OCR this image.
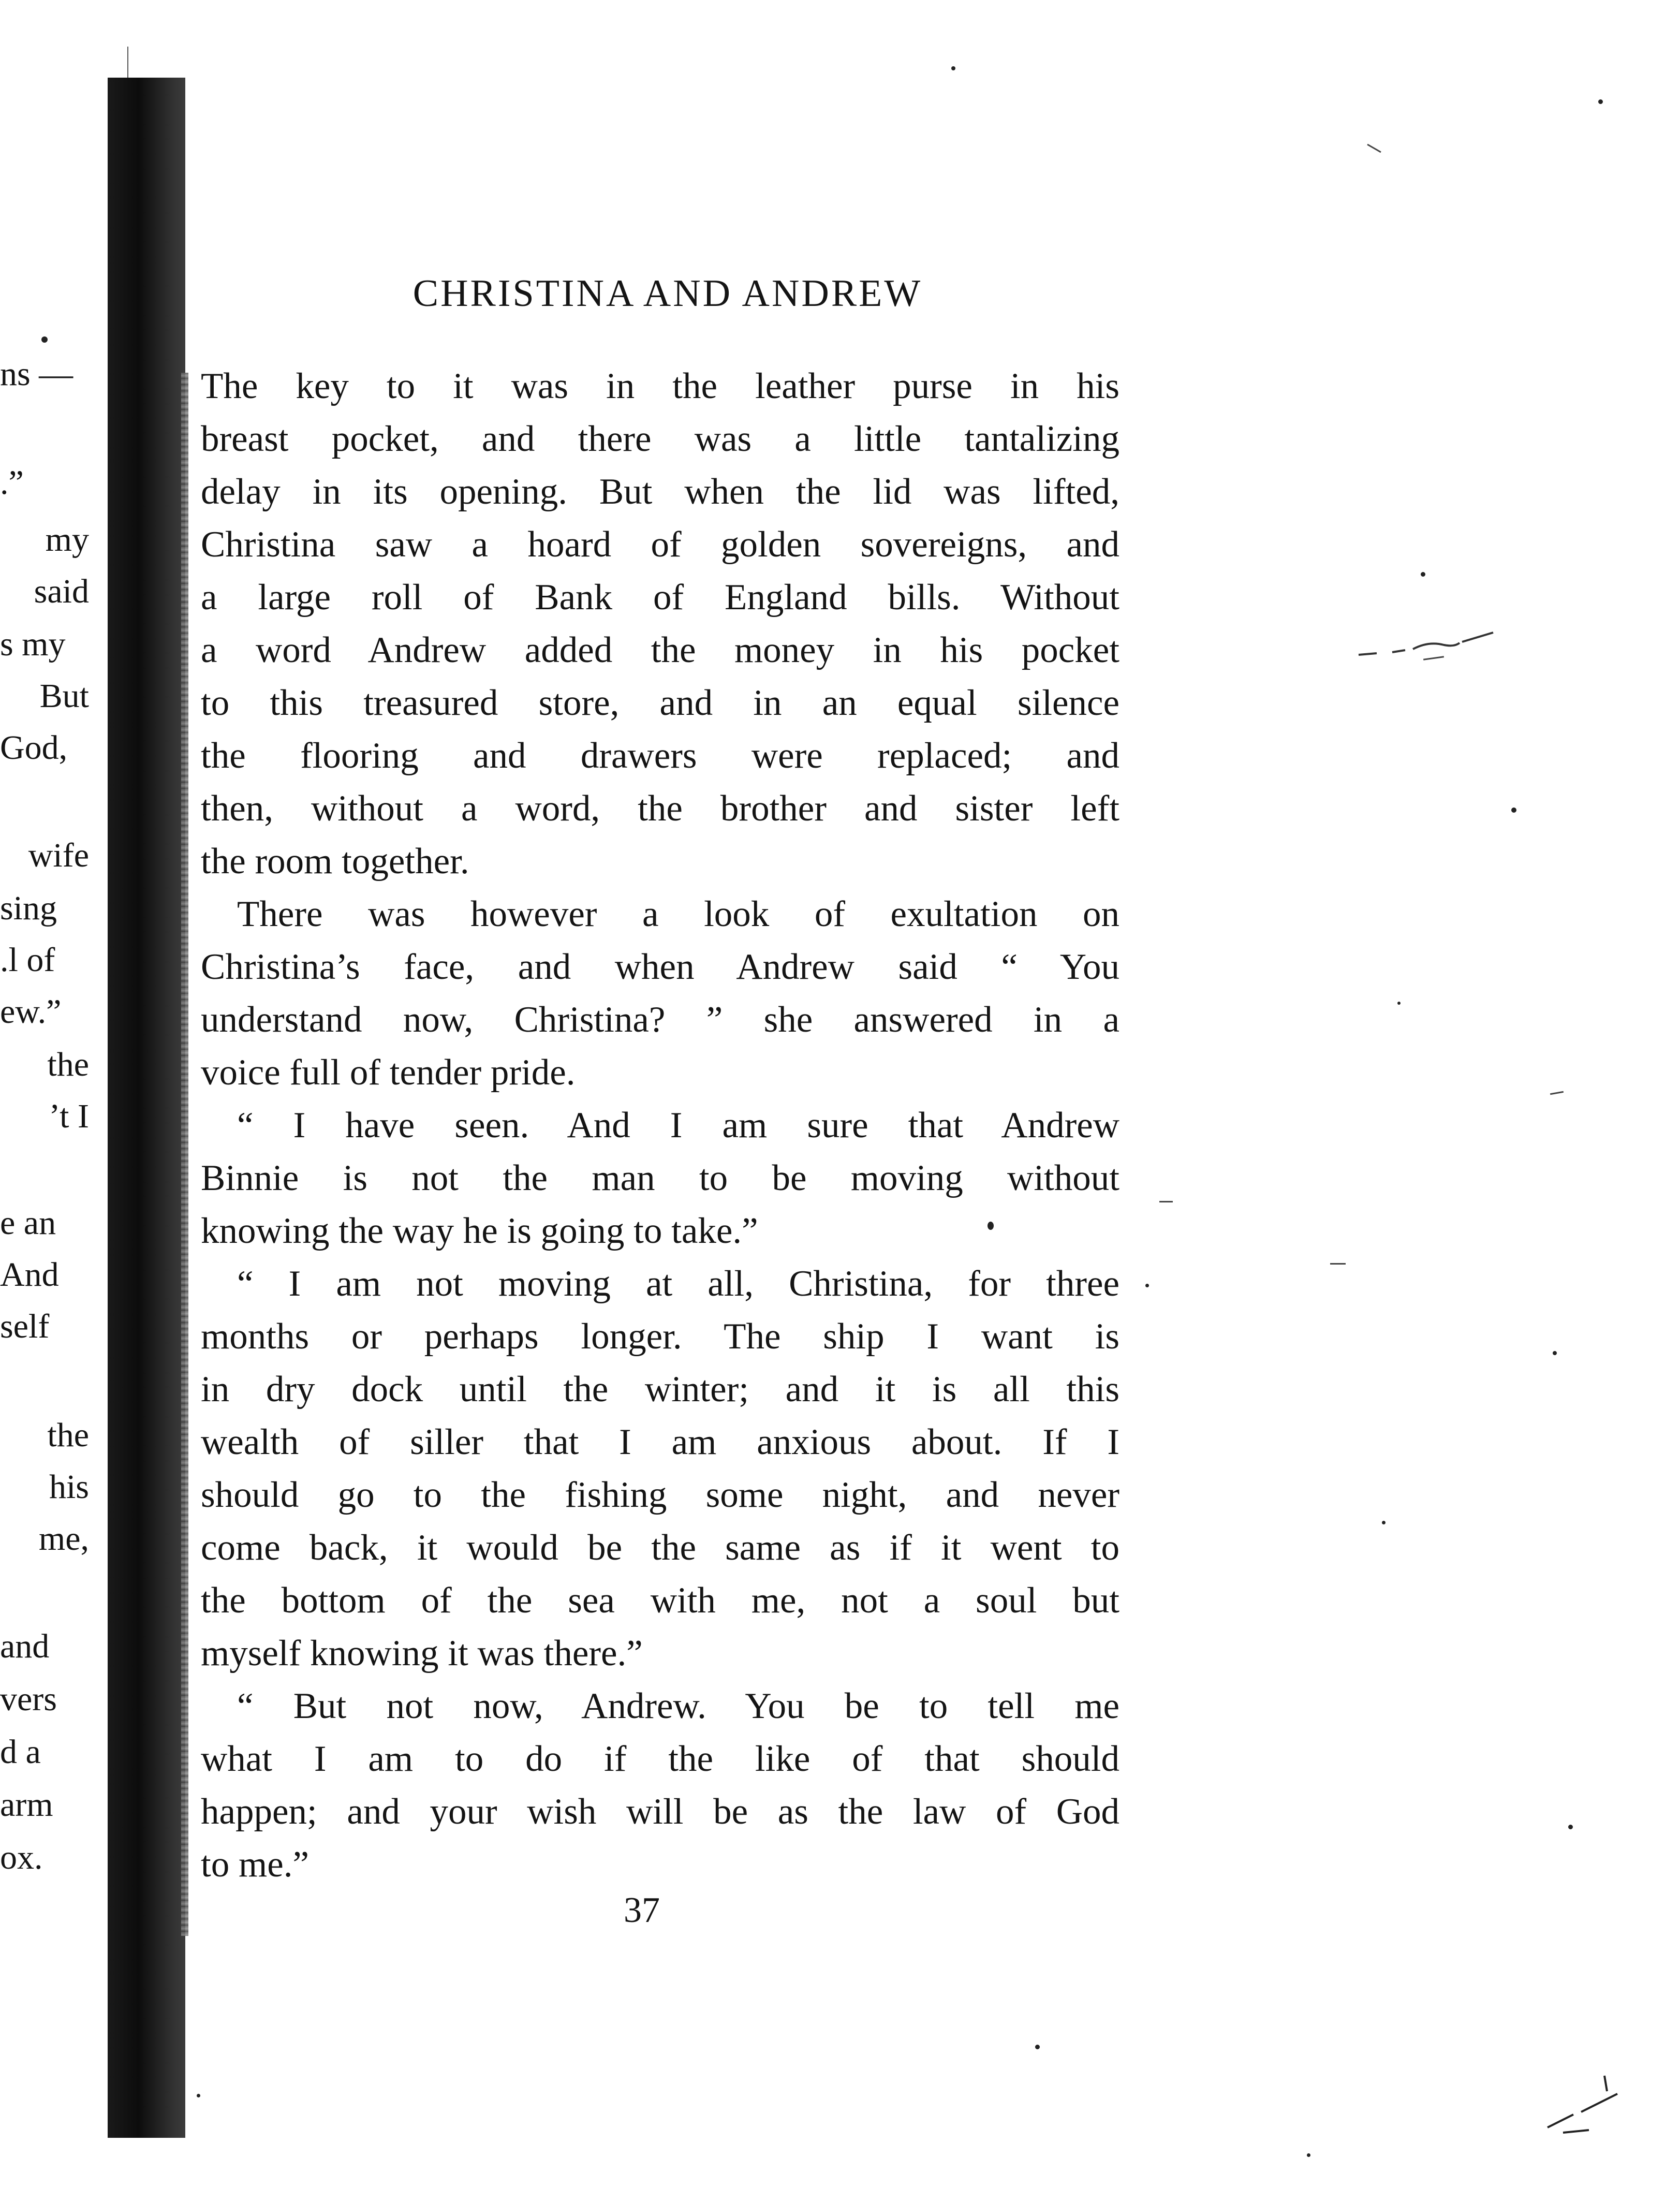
ns —
.”
my
said
s my
But
God,
wife
sing
.l of
ew.”
the
’t I
e an
And
self
the
his
me,
and
vers
d a
arm
ox.
CHRISTINA AND ANDREW
The key to it was in the leather purse in his
breast pocket, and there was a little tantalizing
delay in its opening. But when the lid was lifted,
Christina saw a hoard of golden sovereigns, and
a large roll of Bank of England bills. Without
a word Andrew added the money in his pocket
to this treasured store, and in an equal silence
the flooring and drawers were replaced; and
then, without a word, the brother and sister left
the room together.
There was however a look of exultation on
Christina’s face, and when Andrew said “ You
understand now, Christina? ” she answered in a
voice full of tender pride.
“ I have seen. And I am sure that Andrew
Binnie is not the man to be moving without
knowing the way he is going to take.”
“ I am not moving at all, Christina, for three
months or perhaps longer. The ship I want is
in dry dock until the winter; and it is all this
wealth of siller that I am anxious about. If I
should go to the fishing some night, and never
come back, it would be the same as if it went to
the bottom of the sea with me, not a soul but
myself knowing it was there.”
“ But not now, Andrew. You be to tell me
what I am to do if the like of that should
happen; and your wish will be as the law of God
to me.”
37
